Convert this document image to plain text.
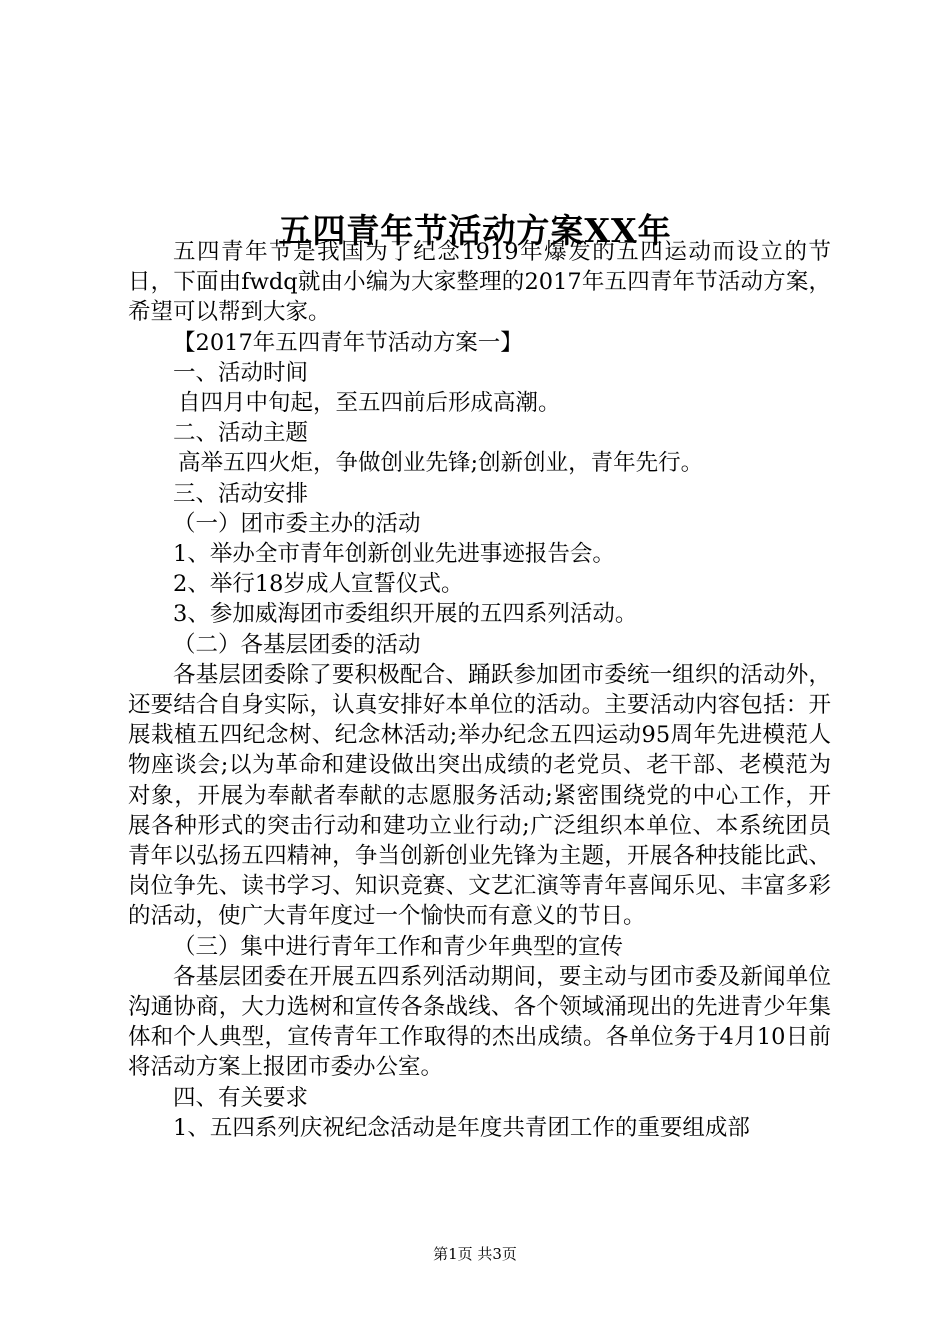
五四青年节活动方案XX年

五四青年节是我国为了纪念1919年爆发的五四运动而设立的节日，下面由fwdq就由小编为大家整理的2017年五四青年节活动方案，希望可以帮到大家。

【2017年五四青年节活动方案一】

一、活动时间

自四月中旬起，至五四前后形成高潮。

二、活动主题

高举五四火炬，争做创业先锋;创新创业，青年先行。

三、活动安排

（一）团市委主办的活动

1、举办全市青年创新创业先进事迹报告会。

2、举行18岁成人宣誓仪式。

3、参加威海团市委组织开展的五四系列活动。

（二）各基层团委的活动

各基层团委除了要积极配合、踊跃参加团市委统一组织的活动外，还要结合自身实际，认真安排好本单位的活动。主要活动内容包括：开展栽植五四纪念树、纪念林活动;举办纪念五四运动95周年先进模范人物座谈会;以为革命和建设做出突出成绩的老党员、老干部、老模范为对象，开展为奉献者奉献的志愿服务活动;紧密围绕党的中心工作，开展各种形式的突击行动和建功立业行动;广泛组织本单位、本系统团员青年以弘扬五四精神，争当创新创业先锋为主题，开展各种技能比武、岗位争先、读书学习、知识竞赛、文艺汇演等青年喜闻乐见、丰富多彩的活动，使广大青年度过一个愉快而有意义的节日。

（三）集中进行青年工作和青少年典型的宣传

各基层团委在开展五四系列活动期间，要主动与团市委及新闻单位沟通协商，大力选树和宣传各条战线、各个领域涌现出的先进青少年集体和个人典型，宣传青年工作取得的杰出成绩。各单位务于4月10日前将活动方案上报团市委办公室。

四、有关要求

1、五四系列庆祝纪念活动是年度共青团工作的重要组成部

第1页 共3页
